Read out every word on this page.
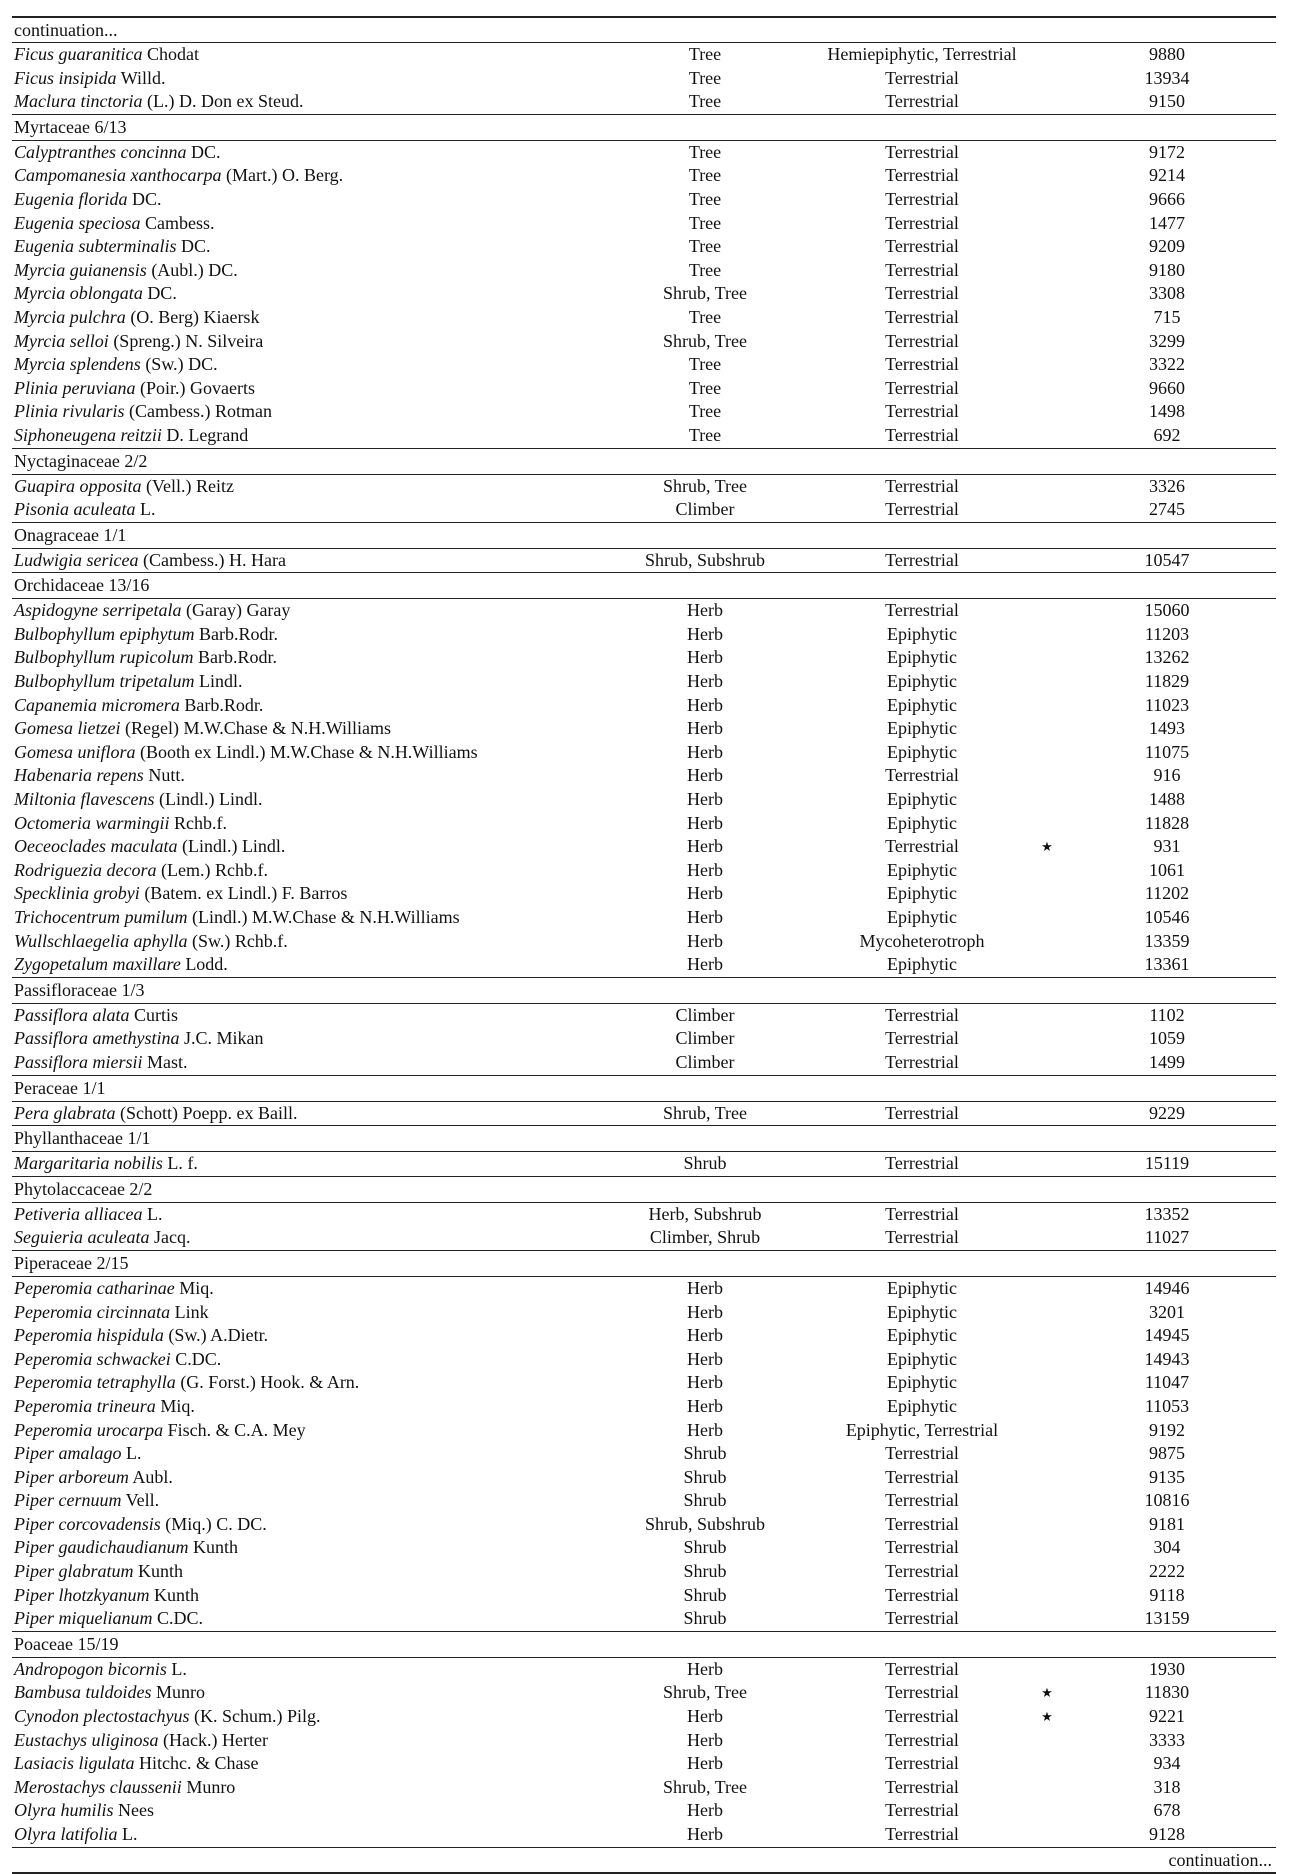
continuation...
Ficus guaranitica Chodat	Tree	Hemiepiphytic, Terrestrial	9880
Ficus insipida Willd.	Tree	Terrestrial	13934
Maclura tinctoria (L.) D. Don ex Steud.	Tree	Terrestrial	9150
Myrtaceae 6/13
Calyptranthes concinna DC.	Tree	Terrestrial	9172
Campomanesia xanthocarpa (Mart.) O. Berg.	Tree	Terrestrial	9214
Eugenia florida DC.	Tree	Terrestrial	9666
Eugenia speciosa Cambess.	Tree	Terrestrial	1477
Eugenia subterminalis DC.	Tree	Terrestrial	9209
Myrcia guianensis (Aubl.) DC.	Tree	Terrestrial	9180
Myrcia oblongata DC.	Shrub, Tree	Terrestrial	3308
Myrcia pulchra (O. Berg) Kiaersk	Tree	Terrestrial	715
Myrcia selloi (Spreng.) N. Silveira	Shrub, Tree	Terrestrial	3299
Myrcia splendens (Sw.) DC.	Tree	Terrestrial	3322
Plinia peruviana (Poir.) Govaerts	Tree	Terrestrial	9660
Plinia rivularis (Cambess.) Rotman	Tree	Terrestrial	1498
Siphoneugena reitzii D. Legrand	Tree	Terrestrial	692
Nyctaginaceae 2/2
Guapira opposita (Vell.) Reitz	Shrub, Tree	Terrestrial	3326
Pisonia aculeata L.	Climber	Terrestrial	2745
Onagraceae 1/1
Ludwigia sericea (Cambess.) H. Hara	Shrub, Subshrub	Terrestrial	10547
Orchidaceae 13/16
Aspidogyne serripetala (Garay) Garay	Herb	Terrestrial	15060
Bulbophyllum epiphytum Barb.Rodr.	Herb	Epiphytic	11203
Bulbophyllum rupicolum Barb.Rodr.	Herb	Epiphytic	13262
Bulbophyllum tripetalum Lindl.	Herb	Epiphytic	11829
Capanemia micromera Barb.Rodr.	Herb	Epiphytic	11023
Gomesa lietzei (Regel) M.W.Chase & N.H.Williams	Herb	Epiphytic	1493
Gomesa uniflora (Booth ex Lindl.) M.W.Chase & N.H.Williams	Herb	Epiphytic	11075
Habenaria repens Nutt.	Herb	Terrestrial	916
Miltonia flavescens (Lindl.) Lindl.	Herb	Epiphytic	1488
Octomeria warmingii Rchb.f.	Herb	Epiphytic	11828
Oeceoclades maculata (Lindl.) Lindl.	Herb	Terrestrial	★	931
Rodriguezia decora (Lem.) Rchb.f.	Herb	Epiphytic	1061
Specklinia grobyi (Batem. ex Lindl.) F. Barros	Herb	Epiphytic	11202
Trichocentrum pumilum (Lindl.) M.W.Chase & N.H.Williams	Herb	Epiphytic	10546
Wullschlaegelia aphylla (Sw.) Rchb.f.	Herb	Mycoheterotroph	13359
Zygopetalum maxillare Lodd.	Herb	Epiphytic	13361
Passifloraceae 1/3
Passiflora alata Curtis	Climber	Terrestrial	1102
Passiflora amethystina J.C. Mikan	Climber	Terrestrial	1059
Passiflora miersii Mast.	Climber	Terrestrial	1499
Peraceae 1/1
Pera glabrata (Schott) Poepp. ex Baill.	Shrub, Tree	Terrestrial	9229
Phyllanthaceae 1/1
Margaritaria nobilis L. f.	Shrub	Terrestrial	15119
Phytolaccaceae 2/2
Petiveria alliacea L.	Herb, Subshrub	Terrestrial	13352
Seguieria aculeata Jacq.	Climber, Shrub	Terrestrial	11027
Piperaceae 2/15
Peperomia catharinae Miq.	Herb	Epiphytic	14946
Peperomia circinnata Link	Herb	Epiphytic	3201
Peperomia hispidula (Sw.) A.Dietr.	Herb	Epiphytic	14945
Peperomia schwackei C.DC.	Herb	Epiphytic	14943
Peperomia tetraphylla (G. Forst.) Hook. & Arn.	Herb	Epiphytic	11047
Peperomia trineura Miq.	Herb	Epiphytic	11053
Peperomia urocarpa Fisch. & C.A. Mey	Herb	Epiphytic, Terrestrial	9192
Piper amalago L.	Shrub	Terrestrial	9875
Piper arboreum Aubl.	Shrub	Terrestrial	9135
Piper cernuum Vell.	Shrub	Terrestrial	10816
Piper corcovadensis (Miq.) C. DC.	Shrub, Subshrub	Terrestrial	9181
Piper gaudichaudianum Kunth	Shrub	Terrestrial	304
Piper glabratum Kunth	Shrub	Terrestrial	2222
Piper lhotzkyanum Kunth	Shrub	Terrestrial	9118
Piper miquelianum C.DC.	Shrub	Terrestrial	13159
Poaceae 15/19
Andropogon bicornis L.	Herb	Terrestrial	1930
Bambusa tuldoides Munro	Shrub, Tree	Terrestrial	★	11830
Cynodon plectostachyus (K. Schum.) Pilg.	Herb	Terrestrial	★	9221
Eustachys uliginosa (Hack.) Herter	Herb	Terrestrial	3333
Lasiacis ligulata Hitchc. & Chase	Herb	Terrestrial	934
Merostachys claussenii Munro	Shrub, Tree	Terrestrial	318
Olyra humilis Nees	Herb	Terrestrial	678
Olyra latifolia L.	Herb	Terrestrial	9128
continuation...
